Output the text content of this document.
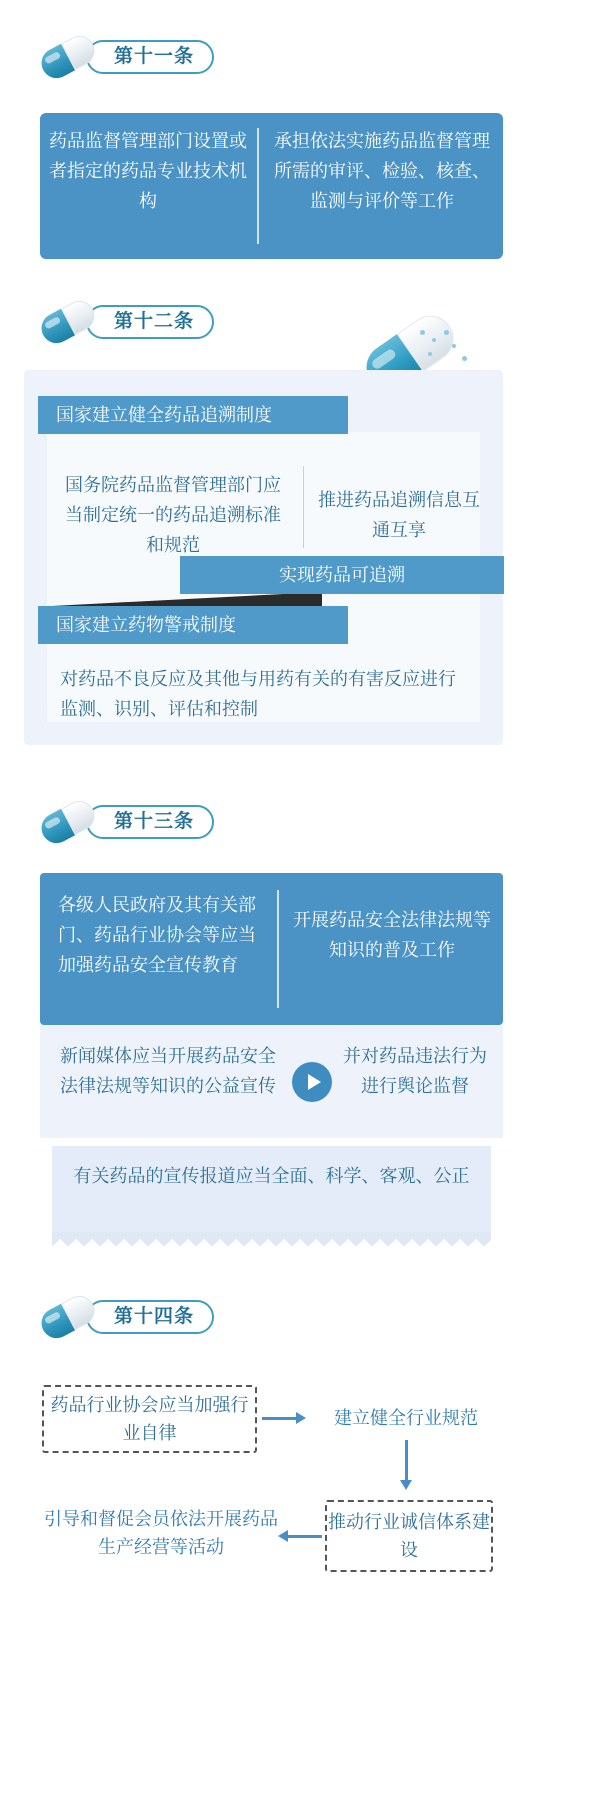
第十一条
药品监督管理部门设置或者指定的药品专业技术机构
承担依法实施药品监督管理所需的审评、检验、核查、监测与评价等工作
第十二条
国家建立健全药品追溯制度
国务院药品监督管理部门应当制定统一的药品追溯标准和规范
推进药品追溯信息互通互享
实现药品可追溯
国家建立药物警戒制度
对药品不良反应及其他与用药有关的有害反应进行监测、识别、评估和控制
第十三条
各级人民政府及其有关部门、药品行业协会等应当加强药品安全宣传教育
开展药品安全法律法规等知识的普及工作
新闻媒体应当开展药品安全法律法规等知识的公益宣传
并对药品违法行为进行舆论监督
有关药品的宣传报道应当全面、科学、客观、公正
第十四条
药品行业协会应当加强行业自律
建立健全行业规范
推动行业诚信体系建设
引导和督促会员依法开展药品生产经营等活动
